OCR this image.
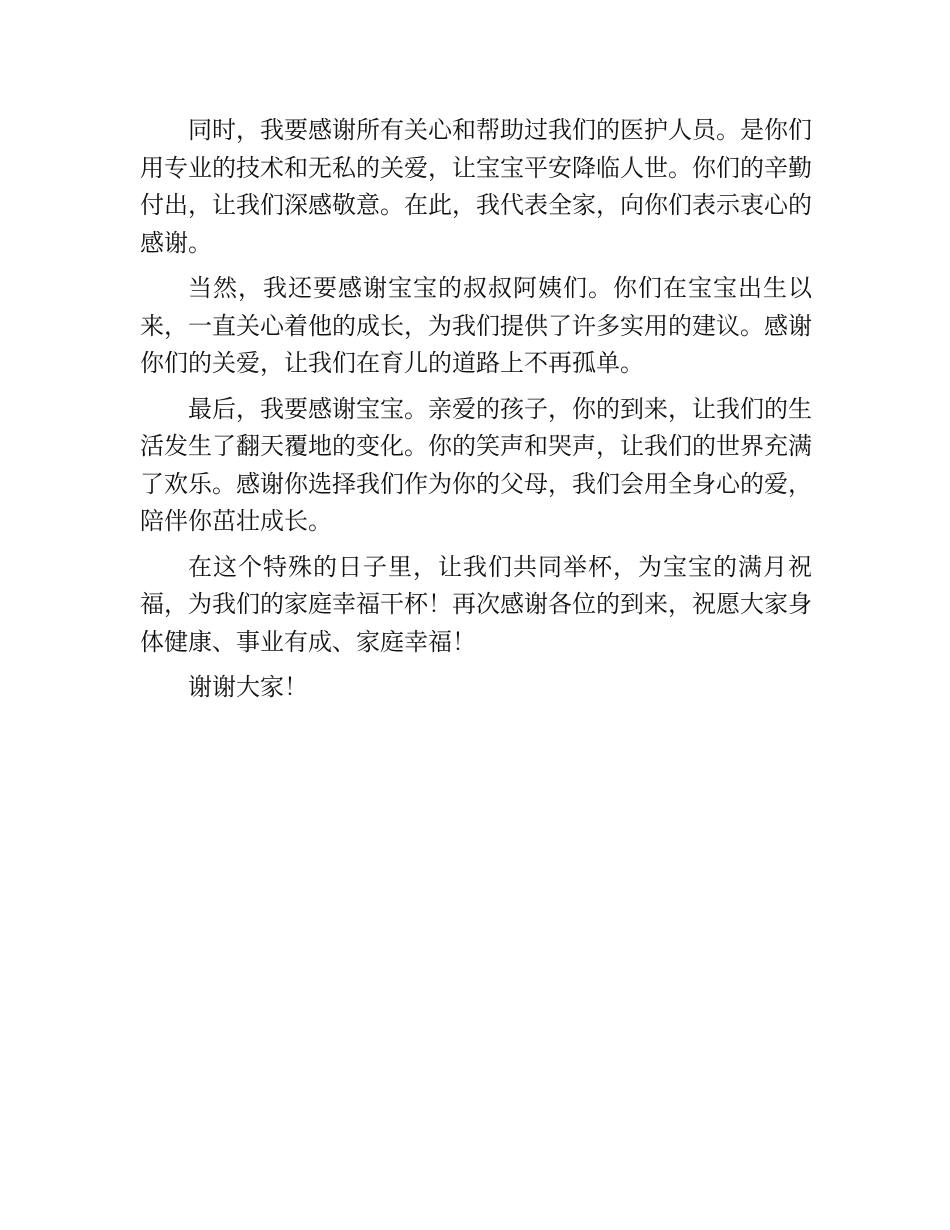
同时，我要感谢所有关心和帮助过我们的医护人员。是你们用专业的技术和无私的关爱，让宝宝平安降临人世。你们的辛勤付出，让我们深感敬意。在此，我代表全家，向你们表示衷心的感谢。

当然，我还要感谢宝宝的叔叔阿姨们。你们在宝宝出生以来，一直关心着他的成长，为我们提供了许多实用的建议。感谢你们的关爱，让我们在育儿的道路上不再孤单。

最后，我要感谢宝宝。亲爱的孩子，你的到来，让我们的生活发生了翻天覆地的变化。你的笑声和哭声，让我们的世界充满了欢乐。感谢你选择我们作为你的父母，我们会用全身心的爱，陪伴你茁壮成长。

在这个特殊的日子里，让我们共同举杯，为宝宝的满月祝福，为我们的家庭幸福干杯！再次感谢各位的到来，祝愿大家身体健康、事业有成、家庭幸福！

谢谢大家！
